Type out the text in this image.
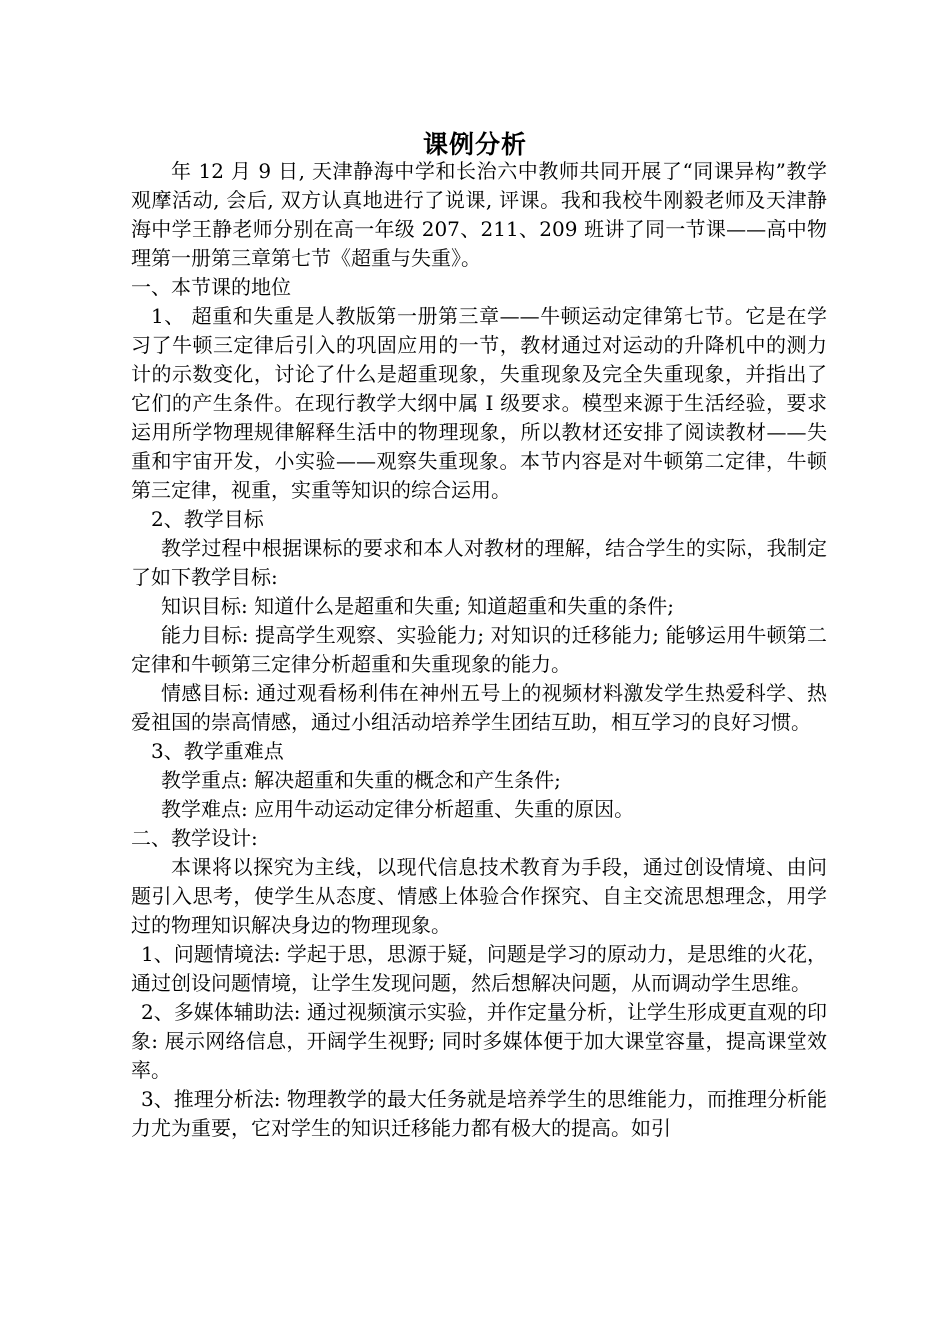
课例分析

年 12 月 9 日, 天津静海中学和长治六中教师共同开展了“同课异构”教学观摩活动, 会后, 双方认真地进行了说课, 评课。我和我校牛刚毅老师及天津静海中学王静老师分别在高一年级 207、211、209 班讲了同一节课——高中物理第一册第三章第七节《超重与失重》。

一、本节课的地位

1、 超重和失重是人教版第一册第三章——牛顿运动定律第七节。它是在学习了牛顿三定律后引入的巩固应用的一节，教材通过对运动的升降机中的测力计的示数变化，讨论了什么是超重现象，失重现象及完全失重现象，并指出了它们的产生条件。在现行教学大纲中属 I 级要求。模型来源于生活经验，要求运用所学物理规律解释生活中的物理现象，所以教材还安排了阅读教材——失重和宇宙开发，小实验——观察失重现象。本节内容是对牛顿第二定律，牛顿第三定律，视重，实重等知识的综合运用。

2、教学目标

教学过程中根据课标的要求和本人对教材的理解，结合学生的实际，我制定了如下教学目标:

知识目标: 知道什么是超重和失重; 知道超重和失重的条件;

能力目标: 提高学生观察、实验能力; 对知识的迁移能力; 能够运用牛顿第二定律和牛顿第三定律分析超重和失重现象的能力。

情感目标: 通过观看杨利伟在神州五号上的视频材料激发学生热爱科学、热爱祖国的崇高情感，通过小组活动培养学生团结互助，相互学习的良好习惯。

3、教学重难点

教学重点: 解决超重和失重的概念和产生条件;

教学难点: 应用牛动运动定律分析超重、失重的原因。

二、教学设计:

本课将以探究为主线，以现代信息技术教育为手段，通过创设情境、由问题引入思考，使学生从态度、情感上体验合作探究、自主交流思想理念，用学过的物理知识解决身边的物理现象。

1、问题情境法: 学起于思，思源于疑，问题是学习的原动力，是思维的火花，通过创设问题情境，让学生发现问题，然后想解决问题，从而调动学生思维。

2、多媒体辅助法: 通过视频演示实验，并作定量分析，让学生形成更直观的印象: 展示网络信息，开阔学生视野; 同时多媒体便于加大课堂容量，提高课堂效率。

3、推理分析法: 物理教学的最大任务就是培养学生的思维能力，而推理分析能力尤为重要，它对学生的知识迁移能力都有极大的提高。如引
